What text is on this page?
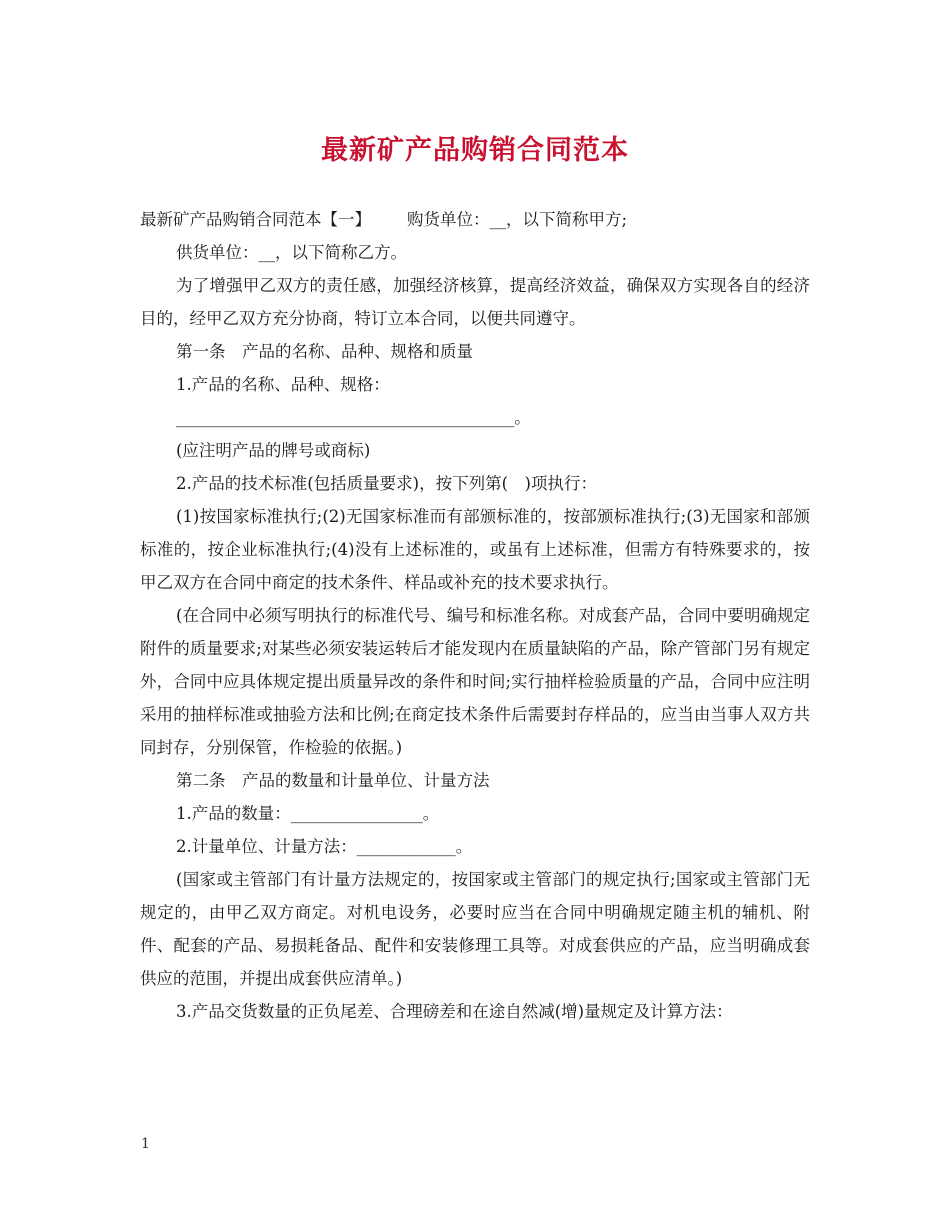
最新矿产品购销合同范本

最新矿产品购销合同范本【一】 购货单位：__，以下简称甲方;

供货单位：__，以下简称乙方。

为了增强甲乙双方的责任感，加强经济核算，提高经济效益，确保双方实现各自的经济目的，经甲乙双方充分协商，特订立本合同，以便共同遵守。

第一条　产品的名称、品种、规格和质量

1.产品的名称、品种、规格：

_________________________________________。

(应注明产品的牌号或商标)

2.产品的技术标准(包括质量要求)，按下列第(　)项执行：

(1)按国家标准执行;(2)无国家标准而有部颁标准的，按部颁标准执行;(3)无国家和部颁标准的，按企业标准执行;(4)没有上述标准的，或虽有上述标准，但需方有特殊要求的，按甲乙双方在合同中商定的技术条件、样品或补充的技术要求执行。

(在合同中必须写明执行的标准代号、编号和标准名称。对成套产品，合同中要明确规定附件的质量要求;对某些必须安装运转后才能发现内在质量缺陷的产品，除产管部门另有规定外，合同中应具体规定提出质量异改的条件和时间;实行抽样检验质量的产品，合同中应注明采用的抽样标准或抽验方法和比例;在商定技术条件后需要封存样品的，应当由当事人双方共同封存，分别保管，作检验的依据。)

第二条　产品的数量和计量单位、计量方法

1.产品的数量：________________。

2.计量单位、计量方法：____________。

(国家或主管部门有计量方法规定的，按国家或主管部门的规定执行;国家或主管部门无规定的，由甲乙双方商定。对机电设务，必要时应当在合同中明确规定随主机的辅机、附件、配套的产品、易损耗备品、配件和安装修理工具等。对成套供应的产品，应当明确成套供应的范围，并提出成套供应清单。)

3.产品交货数量的正负尾差、合理磅差和在途自然减(增)量规定及计算方法：

1
